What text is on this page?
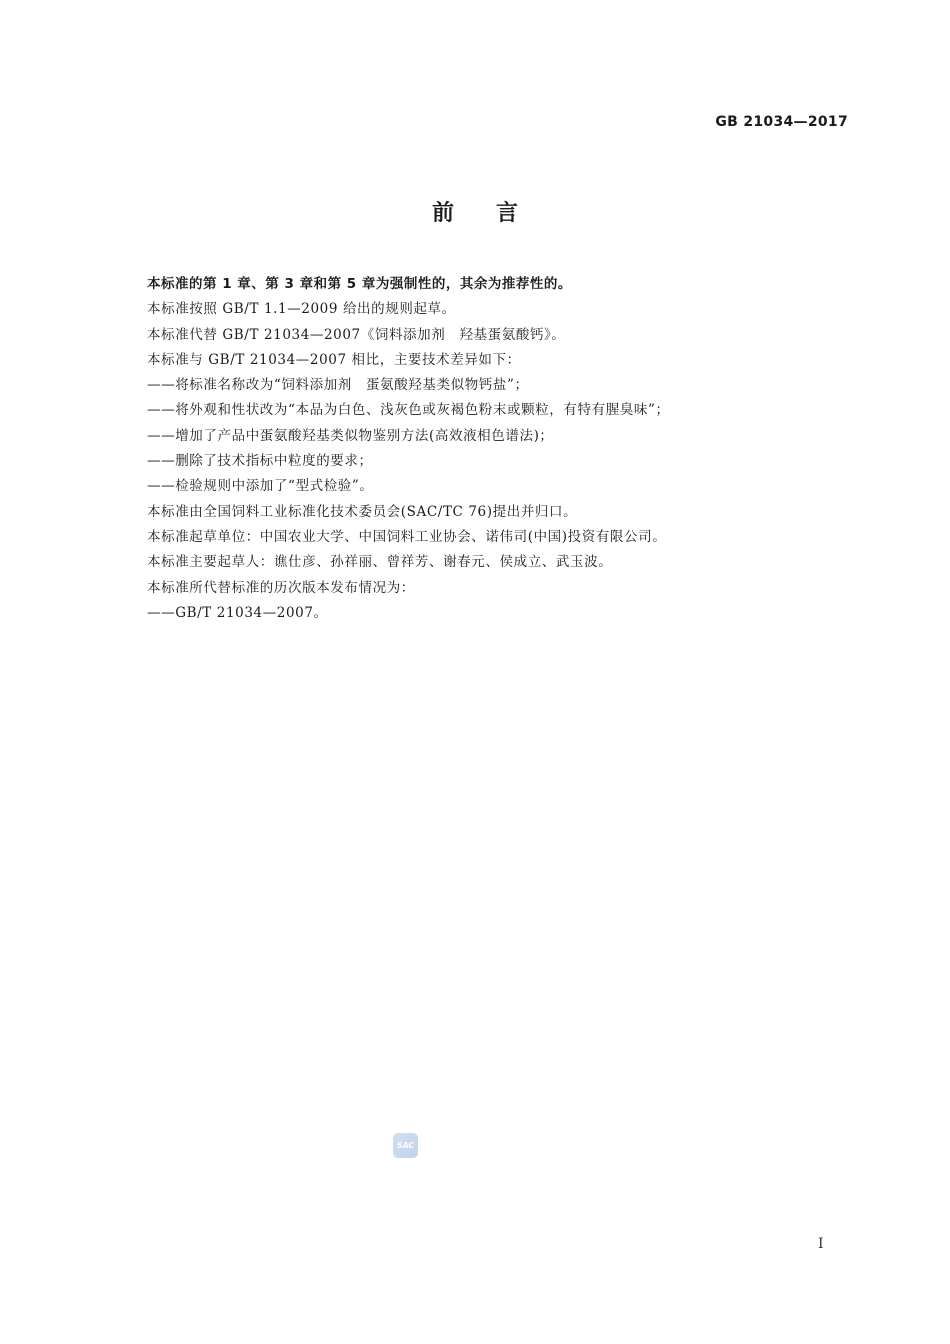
GB 21034—2017
前言
本标准的第 1 章、第 3 章和第 5 章为强制性的，其余为推荐性的。
本标准按照 GB/T 1.1—2009 给出的规则起草。
本标准代替 GB/T 21034—2007《饲料添加剂　羟基蛋氨酸钙》。
本标准与 GB/T 21034—2007 相比，主要技术差异如下：
——将标准名称改为“饲料添加剂　蛋氨酸羟基类似物钙盐”；
——将外观和性状改为“本品为白色、浅灰色或灰褐色粉末或颗粒，有特有腥臭味”；
——增加了产品中蛋氨酸羟基类似物鉴别方法(高效液相色谱法)；
——删除了技术指标中粒度的要求；
——检验规则中添加了“型式检验”。
本标准由全国饲料工业标准化技术委员会(SAC/TC 76)提出并归口。
本标准起草单位：中国农业大学、中国饲料工业协会、诺伟司(中国)投资有限公司。
本标准主要起草人：谯仕彦、孙祥丽、曾祥芳、谢春元、侯成立、武玉波。
本标准所代替标准的历次版本发布情况为：
——GB/T 21034—2007。
SAC
I
